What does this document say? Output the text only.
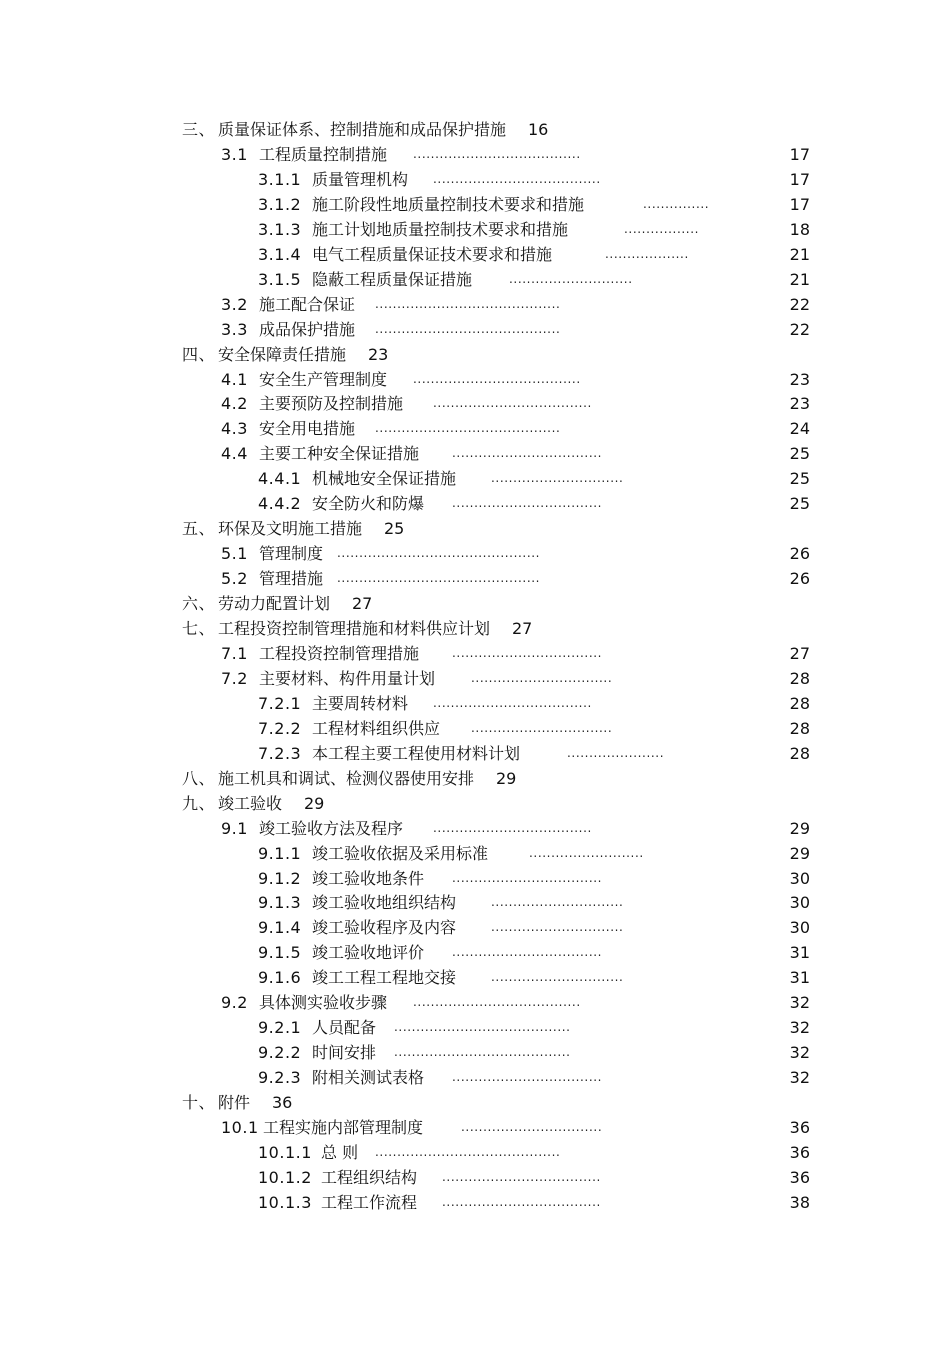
三、 质量保证体系、控制措施和成品保护措施 16
3.1 工程质量控制措施 ......................................	17
3.1.1 质量管理机构 ......................................	17
3.1.2 施工阶段性地质量控制技术要求和措施	...............	17
3.1.3 施工计划地质量控制技术要求和措施	.................	18
3.1.4 电气工程质量保证技术要求和措施	...................	21
3.1.5 隐蔽工程质量保证措施	............................	21
3.2 施工配合保证 ..........................................	22
3.3 成品保护措施 ..........................................	22
四、 安全保障责任措施 23
4.1 安全生产管理制度 ......................................	23
4.2 主要预防及控制措施 ....................................	23
4.3 安全用电措施 ..........................................	24
4.4 主要工种安全保证措施	..................................	25
4.4.1 机械地安全保证措施	..............................	25
4.4.2 安全防火和防爆 ..................................	25
五、 环保及文明施工措施 25
5.1 管理制度 ..............................................	26
5.2 管理措施 ..............................................	26
六、 劳动力配置计划 27
七、 工程投资控制管理措施和材料供应计划 27
7.1 工程投资控制管理措施	..................................	27
7.2 主要材料、构件用量计划	................................	28
7.2.1 主要周转材料 ....................................	28
7.2.2 工程材料组织供应	................................	28
7.2.3 本工程主要工程使用材料计划	......................	28
八、 施工机具和调试、检测仪器使用安排 29
九、 竣工验收 29
9.1 竣工验收方法及程序 ....................................	29
9.1.1 竣工验收依据及采用标准	..........................	29
9.1.2 竣工验收地条件 ..................................	30
9.1.3 竣工验收地组织结构	..............................	30
9.1.4 竣工验收程序及内容	..............................	30
9.1.5 竣工验收地评价 ..................................	31
9.1.6 竣工工程工程地交接	..............................	31
9.2 具体测实验收步骤 ......................................	32
9.2.1 人员配备 ........................................	32
9.2.2 时间安排 ........................................	32
9.2.3 附相关测试表格 ..................................	32
十、 附件 36
10.1 工程实施内部管理制度	................................	36
10.1.1 总 则 ..........................................	36
10.1.2 工程组织结构 ....................................	36
10.1.3 工程工作流程 ....................................	38
